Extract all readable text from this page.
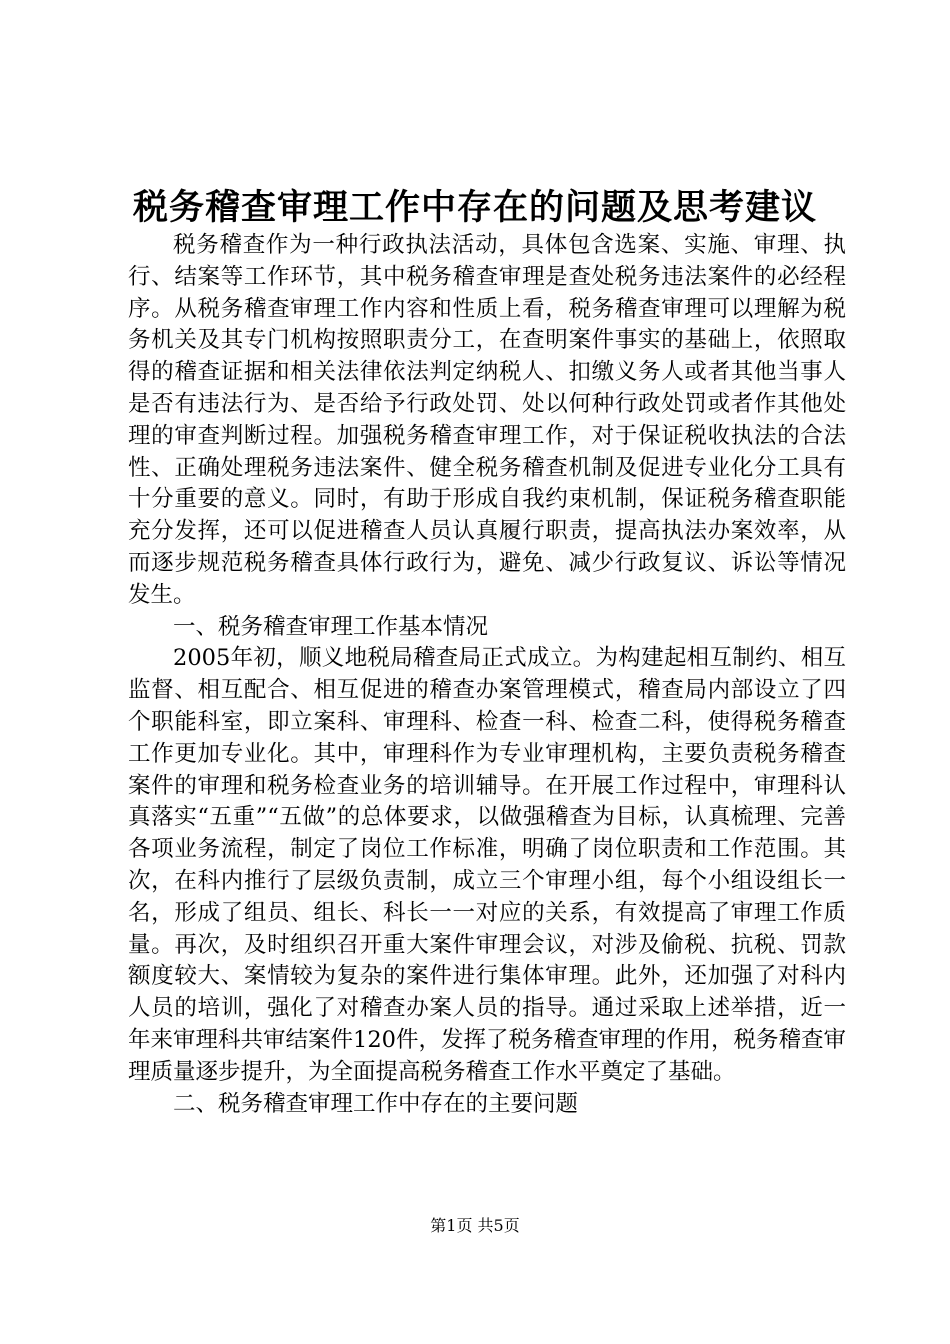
税务稽查审理工作中存在的问题及思考建议

税务稽查作为一种行政执法活动，具体包含选案、实施、审理、执行、结案等工作环节，其中税务稽查审理是查处税务违法案件的必经程序。从税务稽查审理工作内容和性质上看，税务稽查审理可以理解为税务机关及其专门机构按照职责分工，在查明案件事实的基础上，依照取得的稽查证据和相关法律依法判定纳税人、扣缴义务人或者其他当事人是否有违法行为、是否给予行政处罚、处以何种行政处罚或者作其他处理的审查判断过程。加强税务稽查审理工作，对于保证税收执法的合法性、正确处理税务违法案件、健全税务稽查机制及促进专业化分工具有十分重要的意义。同时，有助于形成自我约束机制，保证税务稽查职能充分发挥，还可以促进稽查人员认真履行职责，提高执法办案效率，从而逐步规范税务稽查具体行政行为，避免、减少行政复议、诉讼等情况发生。

一、税务稽查审理工作基本情况

2005年初，顺义地税局稽查局正式成立。为构建起相互制约、相互监督、相互配合、相互促进的稽查办案管理模式，稽查局内部设立了四个职能科室，即立案科、审理科、检查一科、检查二科，使得税务稽查工作更加专业化。其中，审理科作为专业审理机构，主要负责税务稽查案件的审理和税务检查业务的培训辅导。在开展工作过程中，审理科认真落实“五重”“五做”的总体要求，以做强稽查为目标，认真梳理、完善各项业务流程，制定了岗位工作标准，明确了岗位职责和工作范围。其次，在科内推行了层级负责制，成立三个审理小组，每个小组设组长一名，形成了组员、组长、科长一一对应的关系，有效提高了审理工作质量。再次，及时组织召开重大案件审理会议，对涉及偷税、抗税、罚款额度较大、案情较为复杂的案件进行集体审理。此外，还加强了对科内人员的培训，强化了对稽查办案人员的指导。通过采取上述举措，近一年来审理科共审结案件120件，发挥了税务稽查审理的作用，税务稽查审理质量逐步提升，为全面提高税务稽查工作水平奠定了基础。

二、税务稽查审理工作中存在的主要问题

第1页 共5页
